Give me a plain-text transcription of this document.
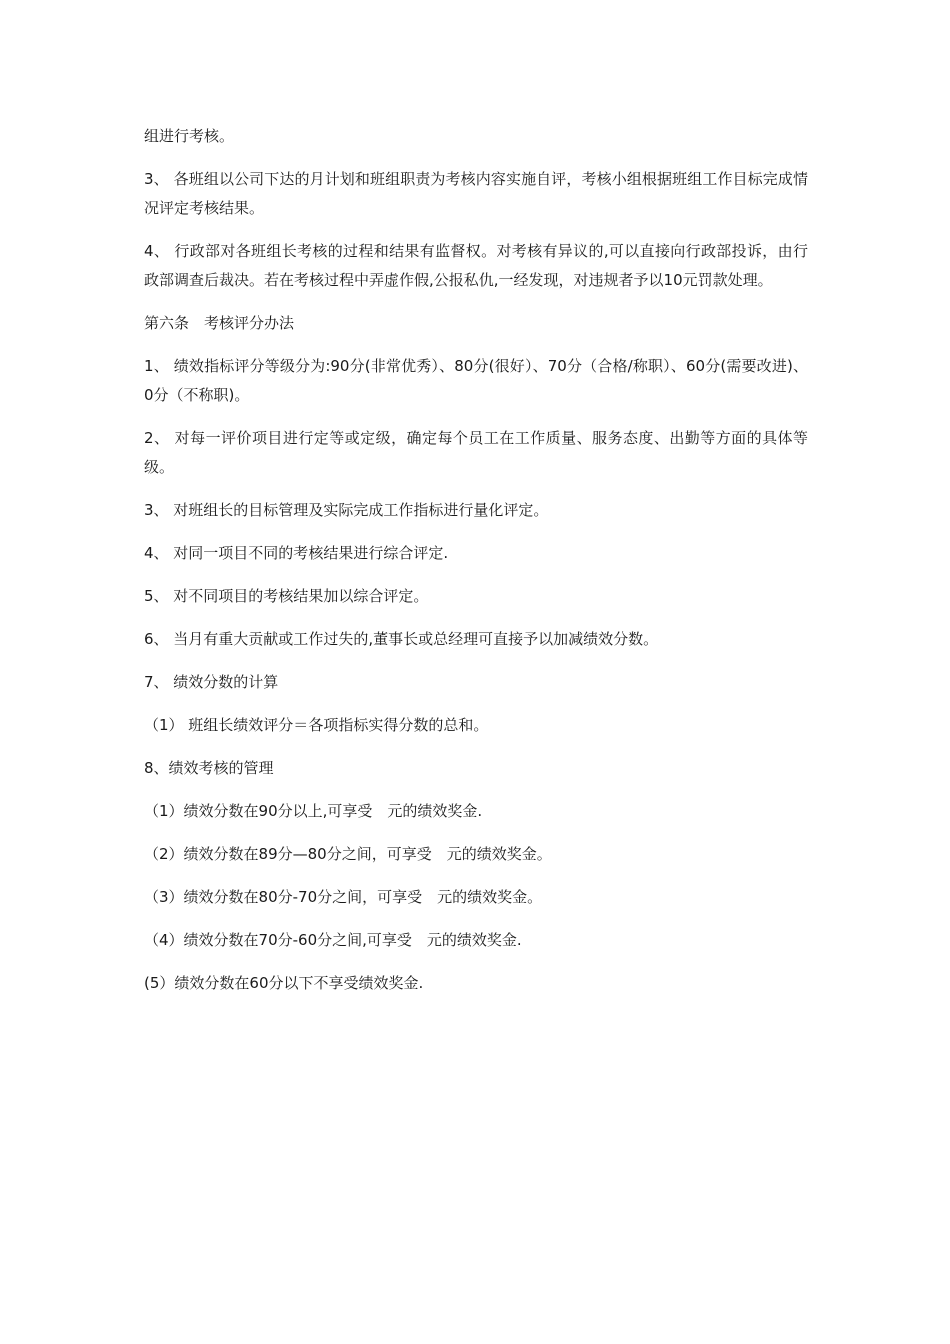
组进行考核。

3、 各班组以公司下达的月计划和班组职责为考核内容实施自评，考核小组根据班组工作目标完成情况评定考核结果。

4、 行政部对各班组长考核的过程和结果有监督权。对考核有异议的,可以直接向行政部投诉，由行政部调查后裁决。若在考核过程中弄虚作假,公报私仇,一经发现，对违规者予以10元罚款处理。

第六条　考核评分办法

1、 绩效指标评分等级分为:90分(非常优秀）、80分(很好）、70分（合格/称职）、60分(需要改进)、0分（不称职)。

2、 对每一评价项目进行定等或定级，确定每个员工在工作质量、服务态度、出勤等方面的具体等级。

3、 对班组长的目标管理及实际完成工作指标进行量化评定。

4、 对同一项目不同的考核结果进行综合评定.

5、 对不同项目的考核结果加以综合评定。

6、 当月有重大贡献或工作过失的,董事长或总经理可直接予以加减绩效分数。

7、 绩效分数的计算

（1） 班组长绩效评分＝各项指标实得分数的总和。

8、绩效考核的管理

（1）绩效分数在90分以上,可享受　元的绩效奖金.

（2）绩效分数在89分—80分之间，可享受　元的绩效奖金。

（3）绩效分数在80分-70分之间，可享受　元的绩效奖金。

（4）绩效分数在70分-60分之间,可享受　元的绩效奖金.

(5）绩效分数在60分以下不享受绩效奖金.
